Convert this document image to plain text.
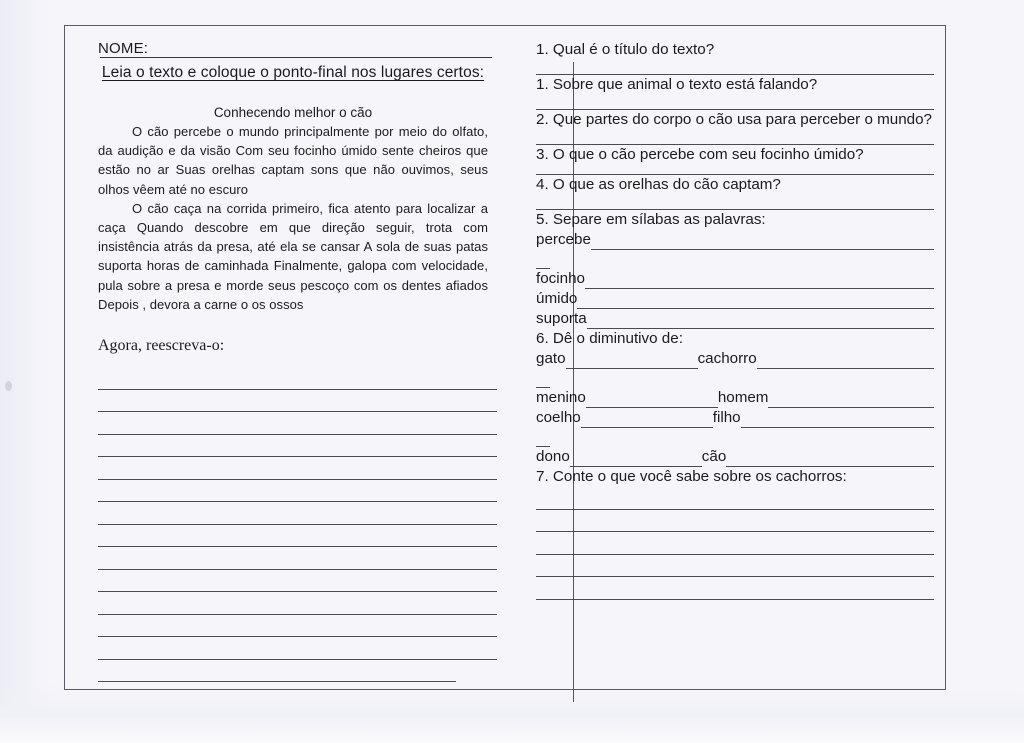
NOME:
Leia o texto e coloque o ponto-final nos lugares certos:
Conhecendo melhor o cão

O cão percebe o mundo principalmente por meio do olfato, da audição e da visão Com seu focinho úmido sente cheiros que estão no ar Suas orelhas captam sons que não ouvimos, seus olhos vêem até no escuro

O cão caça na corrida primeiro, fica atento para localizar a caça Quando descobre em que direção seguir, trota com insistência atrás da presa, até ela se cansar A sola de suas patas suporta horas de caminhada Finalmente, galopa com velocidade, pula sobre a presa e morde seus pescoço com os dentes afiados Depois , devora a carne o os ossos

Agora, reescreva-o:
1. Qual é o título do texto?
1. Sobre que animal o texto está falando?
2. Que partes do corpo o cão usa para perceber o mundo?
3. O que o cão percebe com seu focinho úmido?
4. O que as orelhas do cão captam?
5. Separe em sílabas as palavras:
percebe
focinho
úmido
suporta
6. Dê o diminutivo de:
gato	cachorro
menino	homem
coelho	filho
dono	cão
7. Conte o que você sabe sobre os cachorros:
